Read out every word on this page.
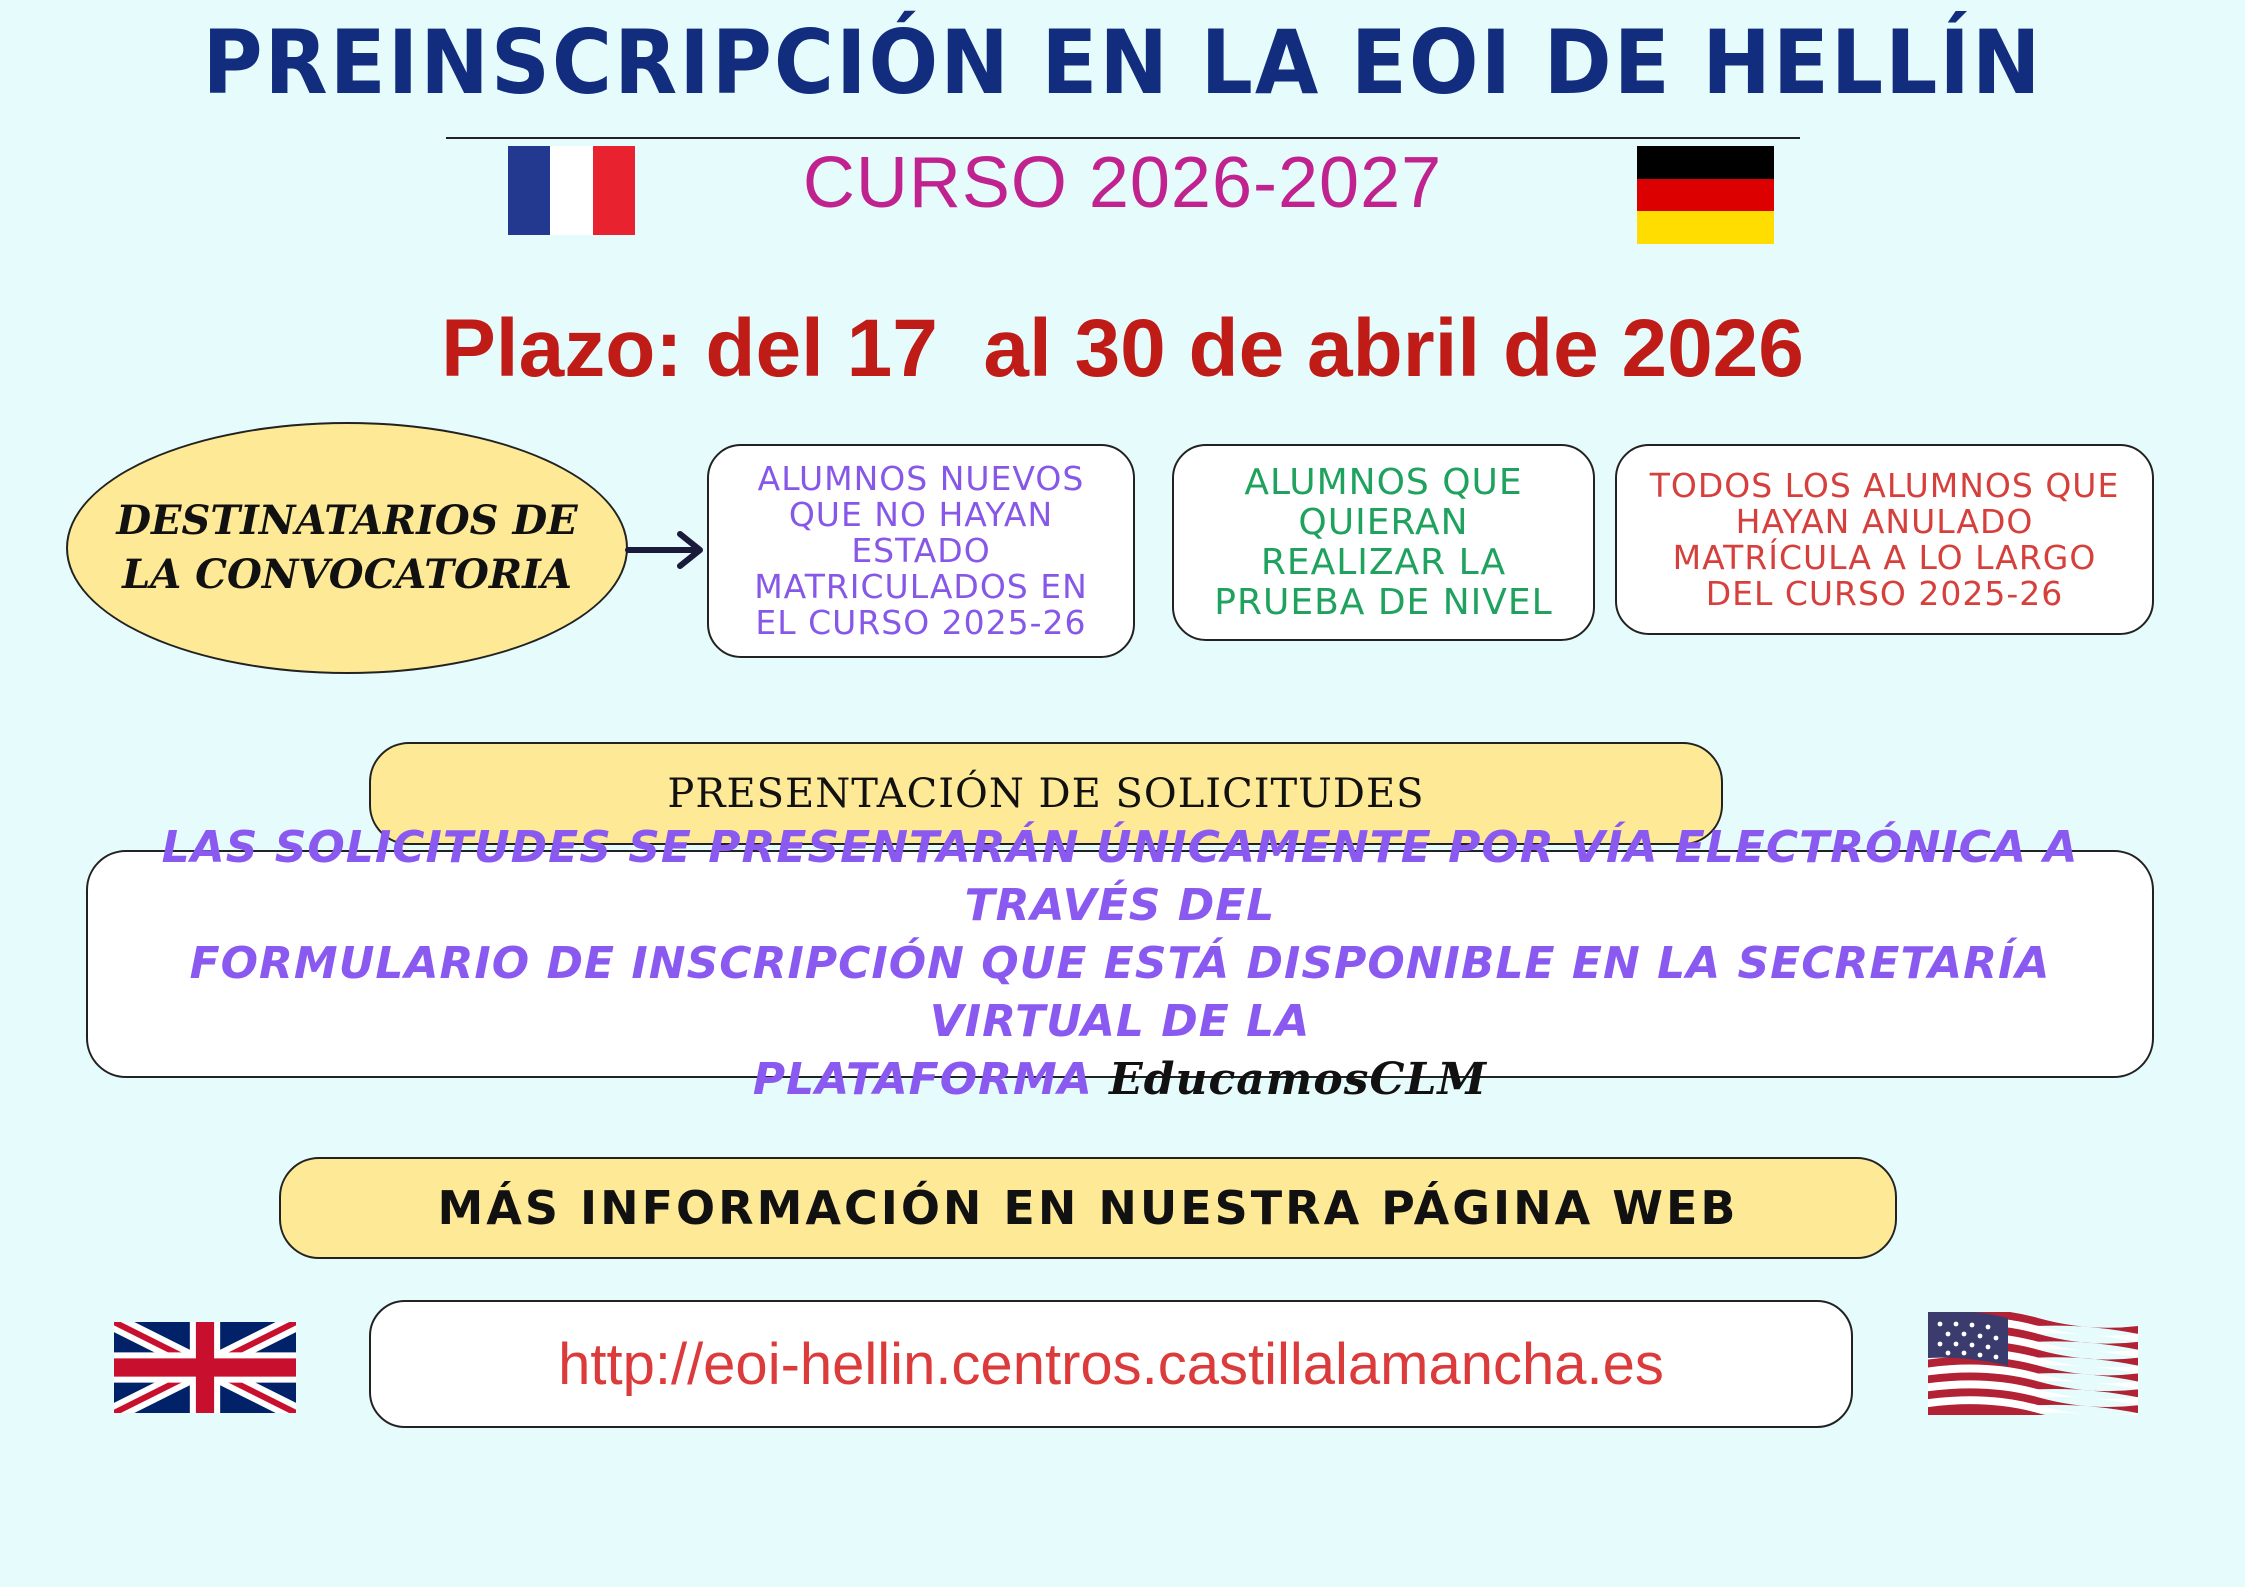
PREINSCRIPCIÓN EN LA EOI DE HELLÍN
CURSO 2026-2027
Plazo: del 17  al 30 de abril de 2026
DESTINATARIOS DE
LA CONVOCATORIA
ALUMNOS NUEVOS
QUE NO HAYAN
ESTADO
MATRICULADOS EN
EL CURSO 2025-26
ALUMNOS QUE
QUIERAN
REALIZAR LA
PRUEBA DE NIVEL
TODOS LOS ALUMNOS QUE
HAYAN ANULADO
MATRÍCULA A LO LARGO
DEL CURSO 2025-26
PRESENTACIÓN DE SOLICITUDES
LAS SOLICITUDES SE PRESENTARÁN ÚNICAMENTE POR VÍA ELECTRÓNICA A TRAVÉS DEL
FORMULARIO DE INSCRIPCIÓN QUE ESTÁ DISPONIBLE EN LA SECRETARÍA VIRTUAL DE LA
PLATAFORMA EducamosCLM
MÁS INFORMACIÓN EN NUESTRA PÁGINA WEB
http://eoi-hellin.centros.castillalamancha.es
